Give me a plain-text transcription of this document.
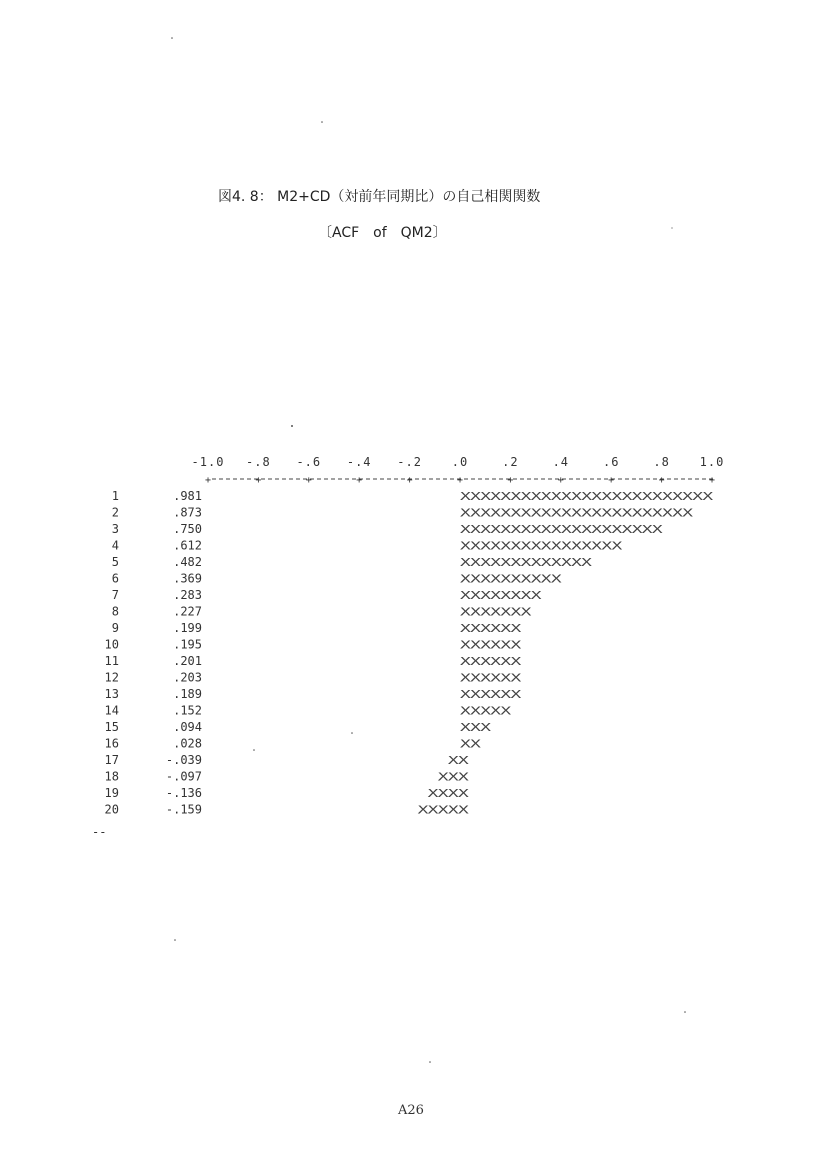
図4. 8： M2+CD（対前年同期比）の自己相関関数
〔ACF　of　QM2〕
-1.0 -.8 -.6 -.4 -.2 .0	.2	.4	.6	.8 1.0
+	+	+	+	+	+	+	+	+	+	+
1	.981	XXXXXXXXXXXXXXXXXXXXXXXXX
2	.873	XXXXXXXXXXXXXXXXXXXXXXX
3	.750	XXXXXXXXXXXXXXXXXXXX
4	.612	XXXXXXXXXXXXXXXX
5	.482	XXXXXXXXXXXXX
6	.369	XXXXXXXXXX
7	.283	XXXXXXXX
8	.227	XXXXXXX
9	.199	XXXXXX
10	.195	XXXXXX
11	.201	XXXXXX
12	.203	XXXXXX
13	.189	XXXXXX
14	.152	XXXXX
15	.094	XXX
16	.028	XX
17	-.039	XX
18	-.097	XXX
19	-.136	XXXX
20	-.159	XXXXX
--
A26
